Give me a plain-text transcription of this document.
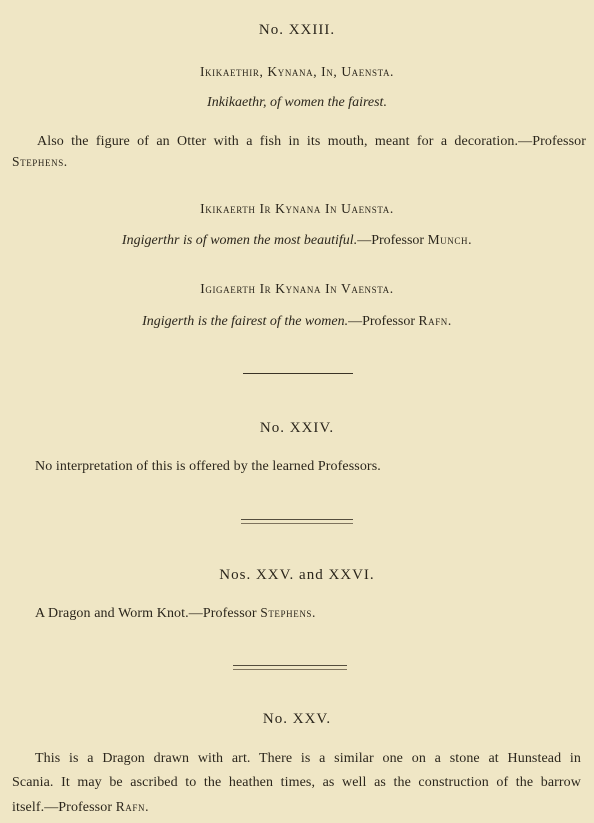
No. XXIII.
Ikikaethir, Kynana, In, Uaensta.
Inkikaethr, of women the fairest.
Also the figure of an Otter with a fish in its mouth, meant for a decoration.—Professor
Stephens.
Ikikaerth Ir Kynana In Uaensta.
Ingigerthr is of women the most beautiful.—Professor Munch.
Igigaerth Ir Kynana In Vaensta.
Ingigerth is the fairest of the women.—Professor Rafn.
No. XXIV.
No interpretation of this is offered by the learned Professors.
Nos. XXV. and XXVI.
A Dragon and Worm Knot.—Professor Stephens.
No. XXV.
This is a Dragon drawn with art. There is a similar one on a stone at Hunstead in
Scania. It may be ascribed to the heathen times, as well as the construction of the barrow
itself.—Professor Rafn.
